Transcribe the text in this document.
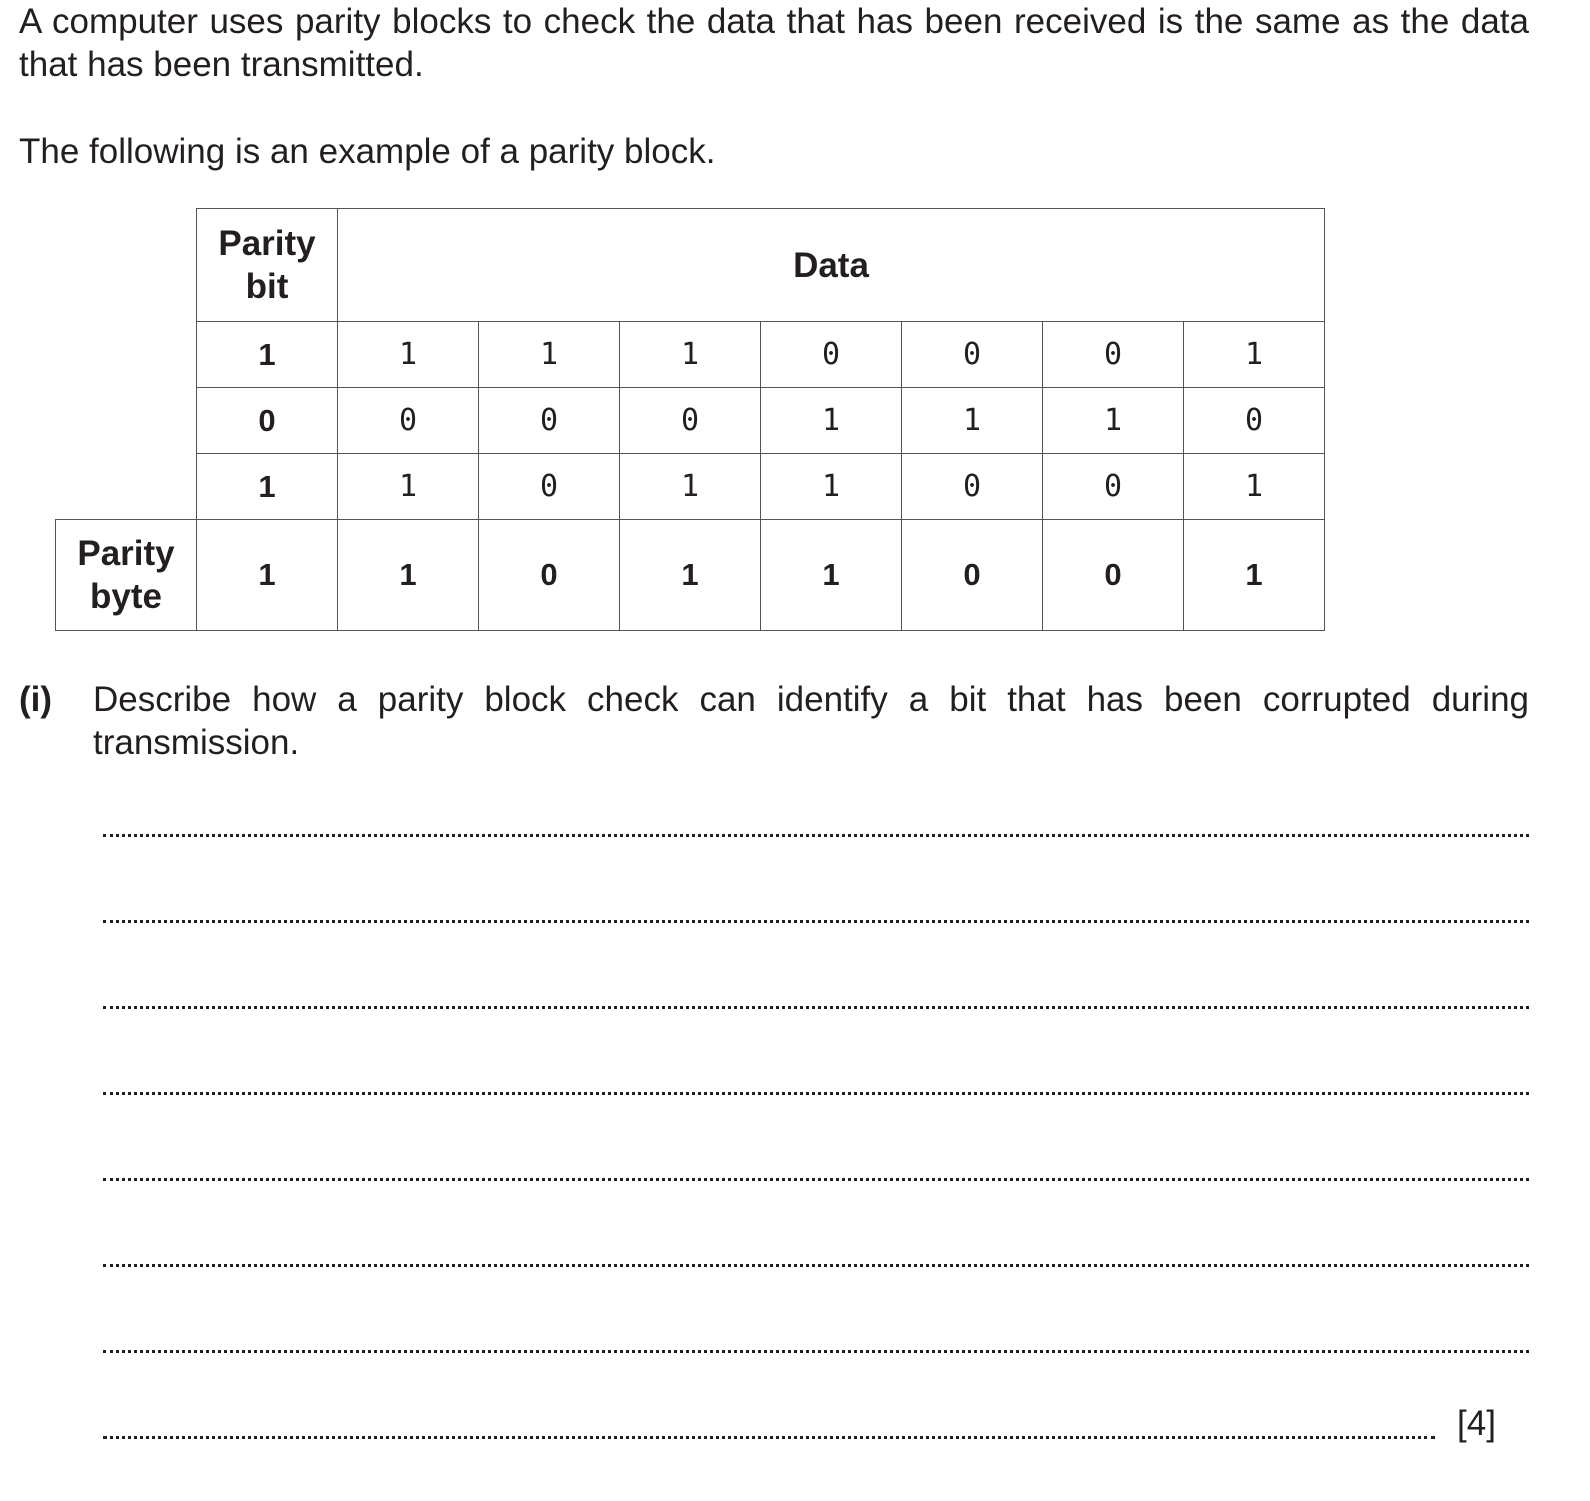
A computer uses parity blocks to check the data that has been received is the same as the data that has been transmitted.

The following is an example of a parity block.

	Parity
bit	Data						
	1	1	1	1	0	0	0	1
	0	0	0	0	1	1	1	0
	1	1	0	1	1	0	0	1
Parity
byte	1	1	0	1	1	0	0	1

(i) Describe how a parity block check can identify a bit that has been corrupted during transmission.

[4]
